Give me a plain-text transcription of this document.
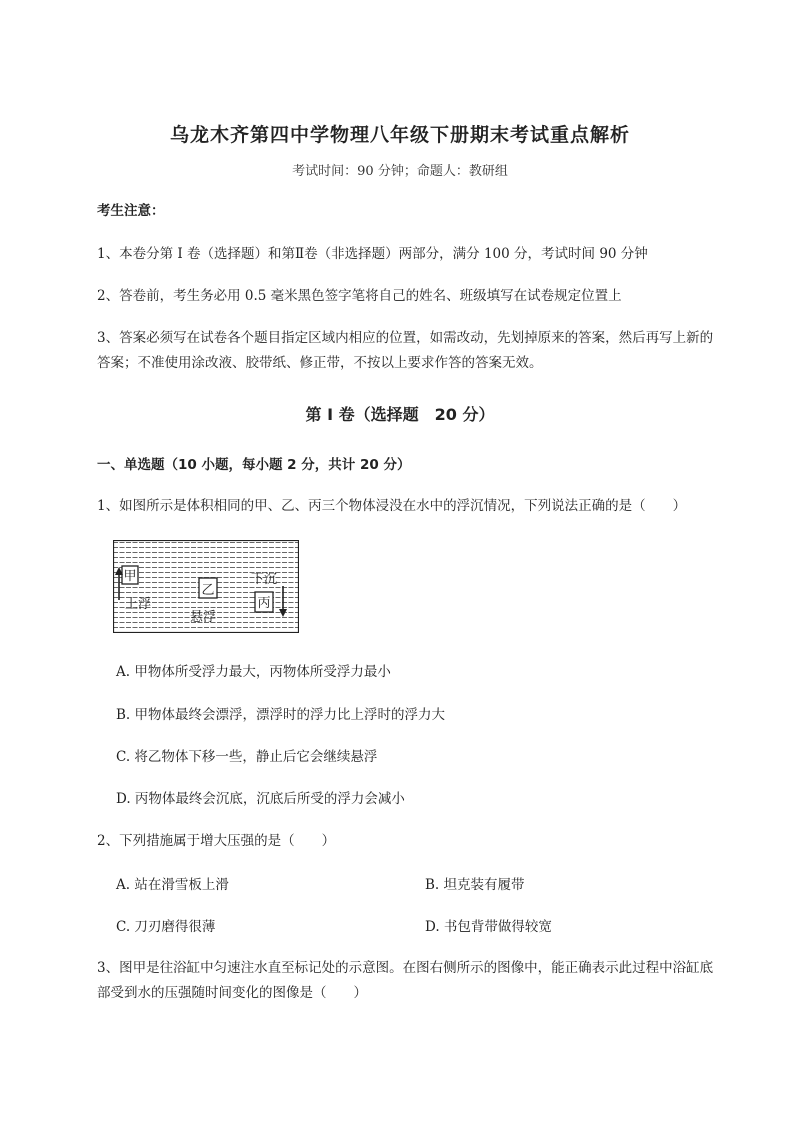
乌龙木齐第四中学物理八年级下册期末考试重点解析
考试时间：90 分钟；命题人：教研组
考生注意：
1、本卷分第 I 卷（选择题）和第Ⅱ卷（非选择题）两部分，满分 100 分，考试时间 90 分钟
2、答卷前，考生务必用 0.5 毫米黑色签字笔将自己的姓名、班级填写在试卷规定位置上
3、答案必须写在试卷各个题目指定区域内相应的位置，如需改动，先划掉原来的答案，然后再写上新的答案；不准使用涂改液、胶带纸、修正带，不按以上要求作答的答案无效。
第 I 卷（选择题　20 分）
一、单选题（10 小题，每小题 2 分，共计 20 分）
1、如图所示是体积相同的甲、乙、丙三个物体浸没在水中的浮沉情况，下列说法正确的是（　　）
甲
上浮
乙
悬浮
下沉
丙
A. 甲物体所受浮力最大，丙物体所受浮力最小
B. 甲物体最终会漂浮，漂浮时的浮力比上浮时的浮力大
C. 将乙物体下移一些，静止后它会继续悬浮
D. 丙物体最终会沉底，沉底后所受的浮力会减小
2、下列措施属于增大压强的是（　　）
A. 站在滑雪板上滑	B. 坦克装有履带
C. 刀刃磨得很薄	D. 书包背带做得较宽
3、图甲是往浴缸中匀速注水直至标记处的示意图。在图右侧所示的图像中，能正确表示此过程中浴缸底部受到水的压强随时间变化的图像是（　　）
